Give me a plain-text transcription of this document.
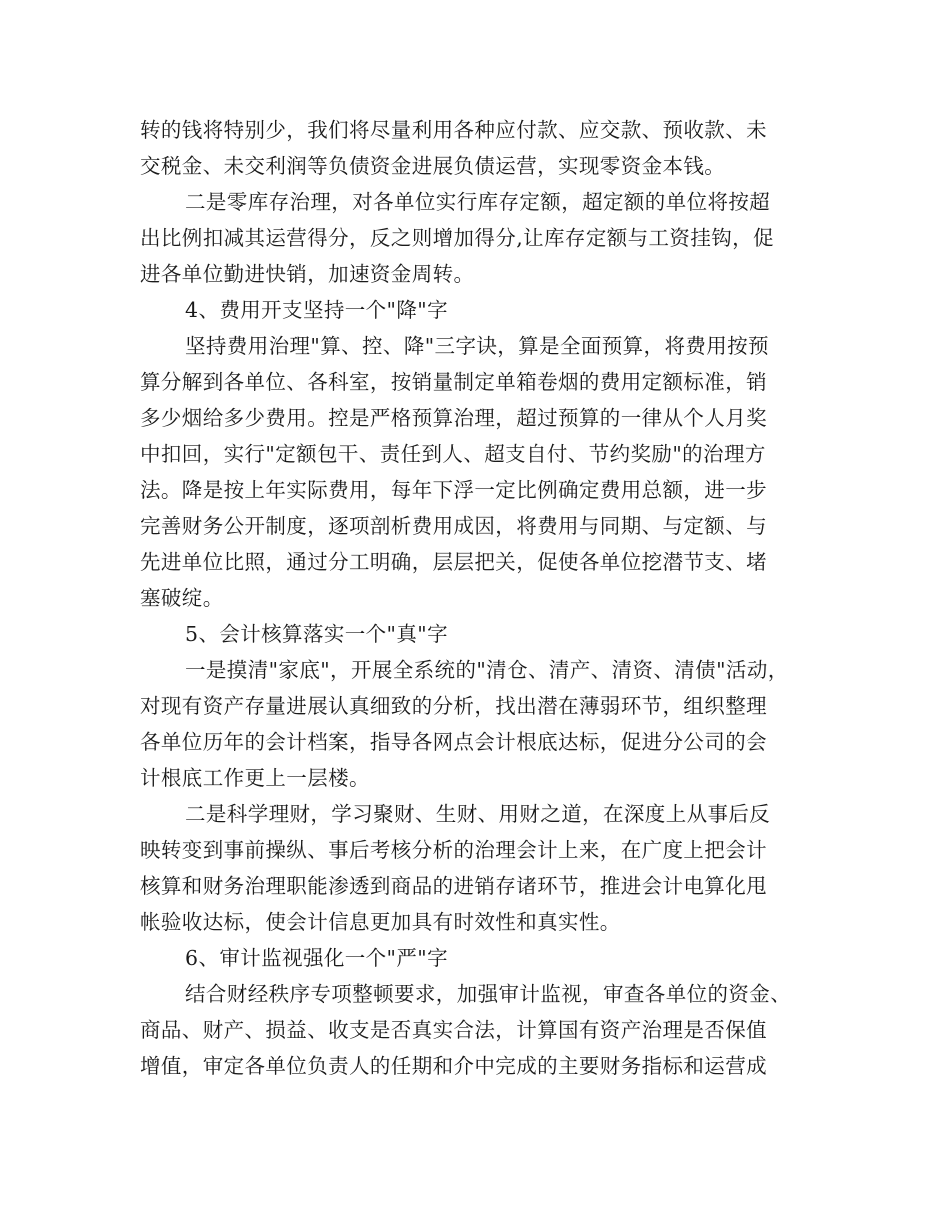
转的钱将特别少，我们将尽量利用各种应付款、应交款、预收款、未
交税金、未交利润等负债资金进展负债运营，实现零资金本钱。
二是零库存治理，对各单位实行库存定额，超定额的单位将按超
出比例扣减其运营得分，反之则增加得分,让库存定额与工资挂钩，促
进各单位勤进快销，加速资金周转。
4、费用开支坚持一个"降"字
坚持费用治理"算、控、降"三字诀，算是全面预算，将费用按预
算分解到各单位、各科室，按销量制定单箱卷烟的费用定额标准，销
多少烟给多少费用。控是严格预算治理，超过预算的一律从个人月奖
中扣回，实行"定额包干、责任到人、超支自付、节约奖励"的治理方
法。降是按上年实际费用，每年下浮一定比例确定费用总额，进一步
完善财务公开制度，逐项剖析费用成因，将费用与同期、与定额、与
先进单位比照，通过分工明确，层层把关，促使各单位挖潜节支、堵
塞破绽。
5、会计核算落实一个"真"字
一是摸清"家底"，开展全系统的"清仓、清产、清资、清债"活动，
对现有资产存量进展认真细致的分析，找出潜在薄弱环节，组织整理
各单位历年的会计档案，指导各网点会计根底达标，促进分公司的会
计根底工作更上一层楼。
二是科学理财，学习聚财、生财、用财之道，在深度上从事后反
映转变到事前操纵、事后考核分析的治理会计上来，在广度上把会计
核算和财务治理职能渗透到商品的进销存诸环节，推进会计电算化甩
帐验收达标，使会计信息更加具有时效性和真实性。
6、审计监视强化一个"严"字
结合财经秩序专项整顿要求，加强审计监视，审查各单位的资金、
商品、财产、损益、收支是否真实合法，计算国有资产治理是否保值
增值，审定各单位负责人的任期和介中完成的主要财务指标和运营成
